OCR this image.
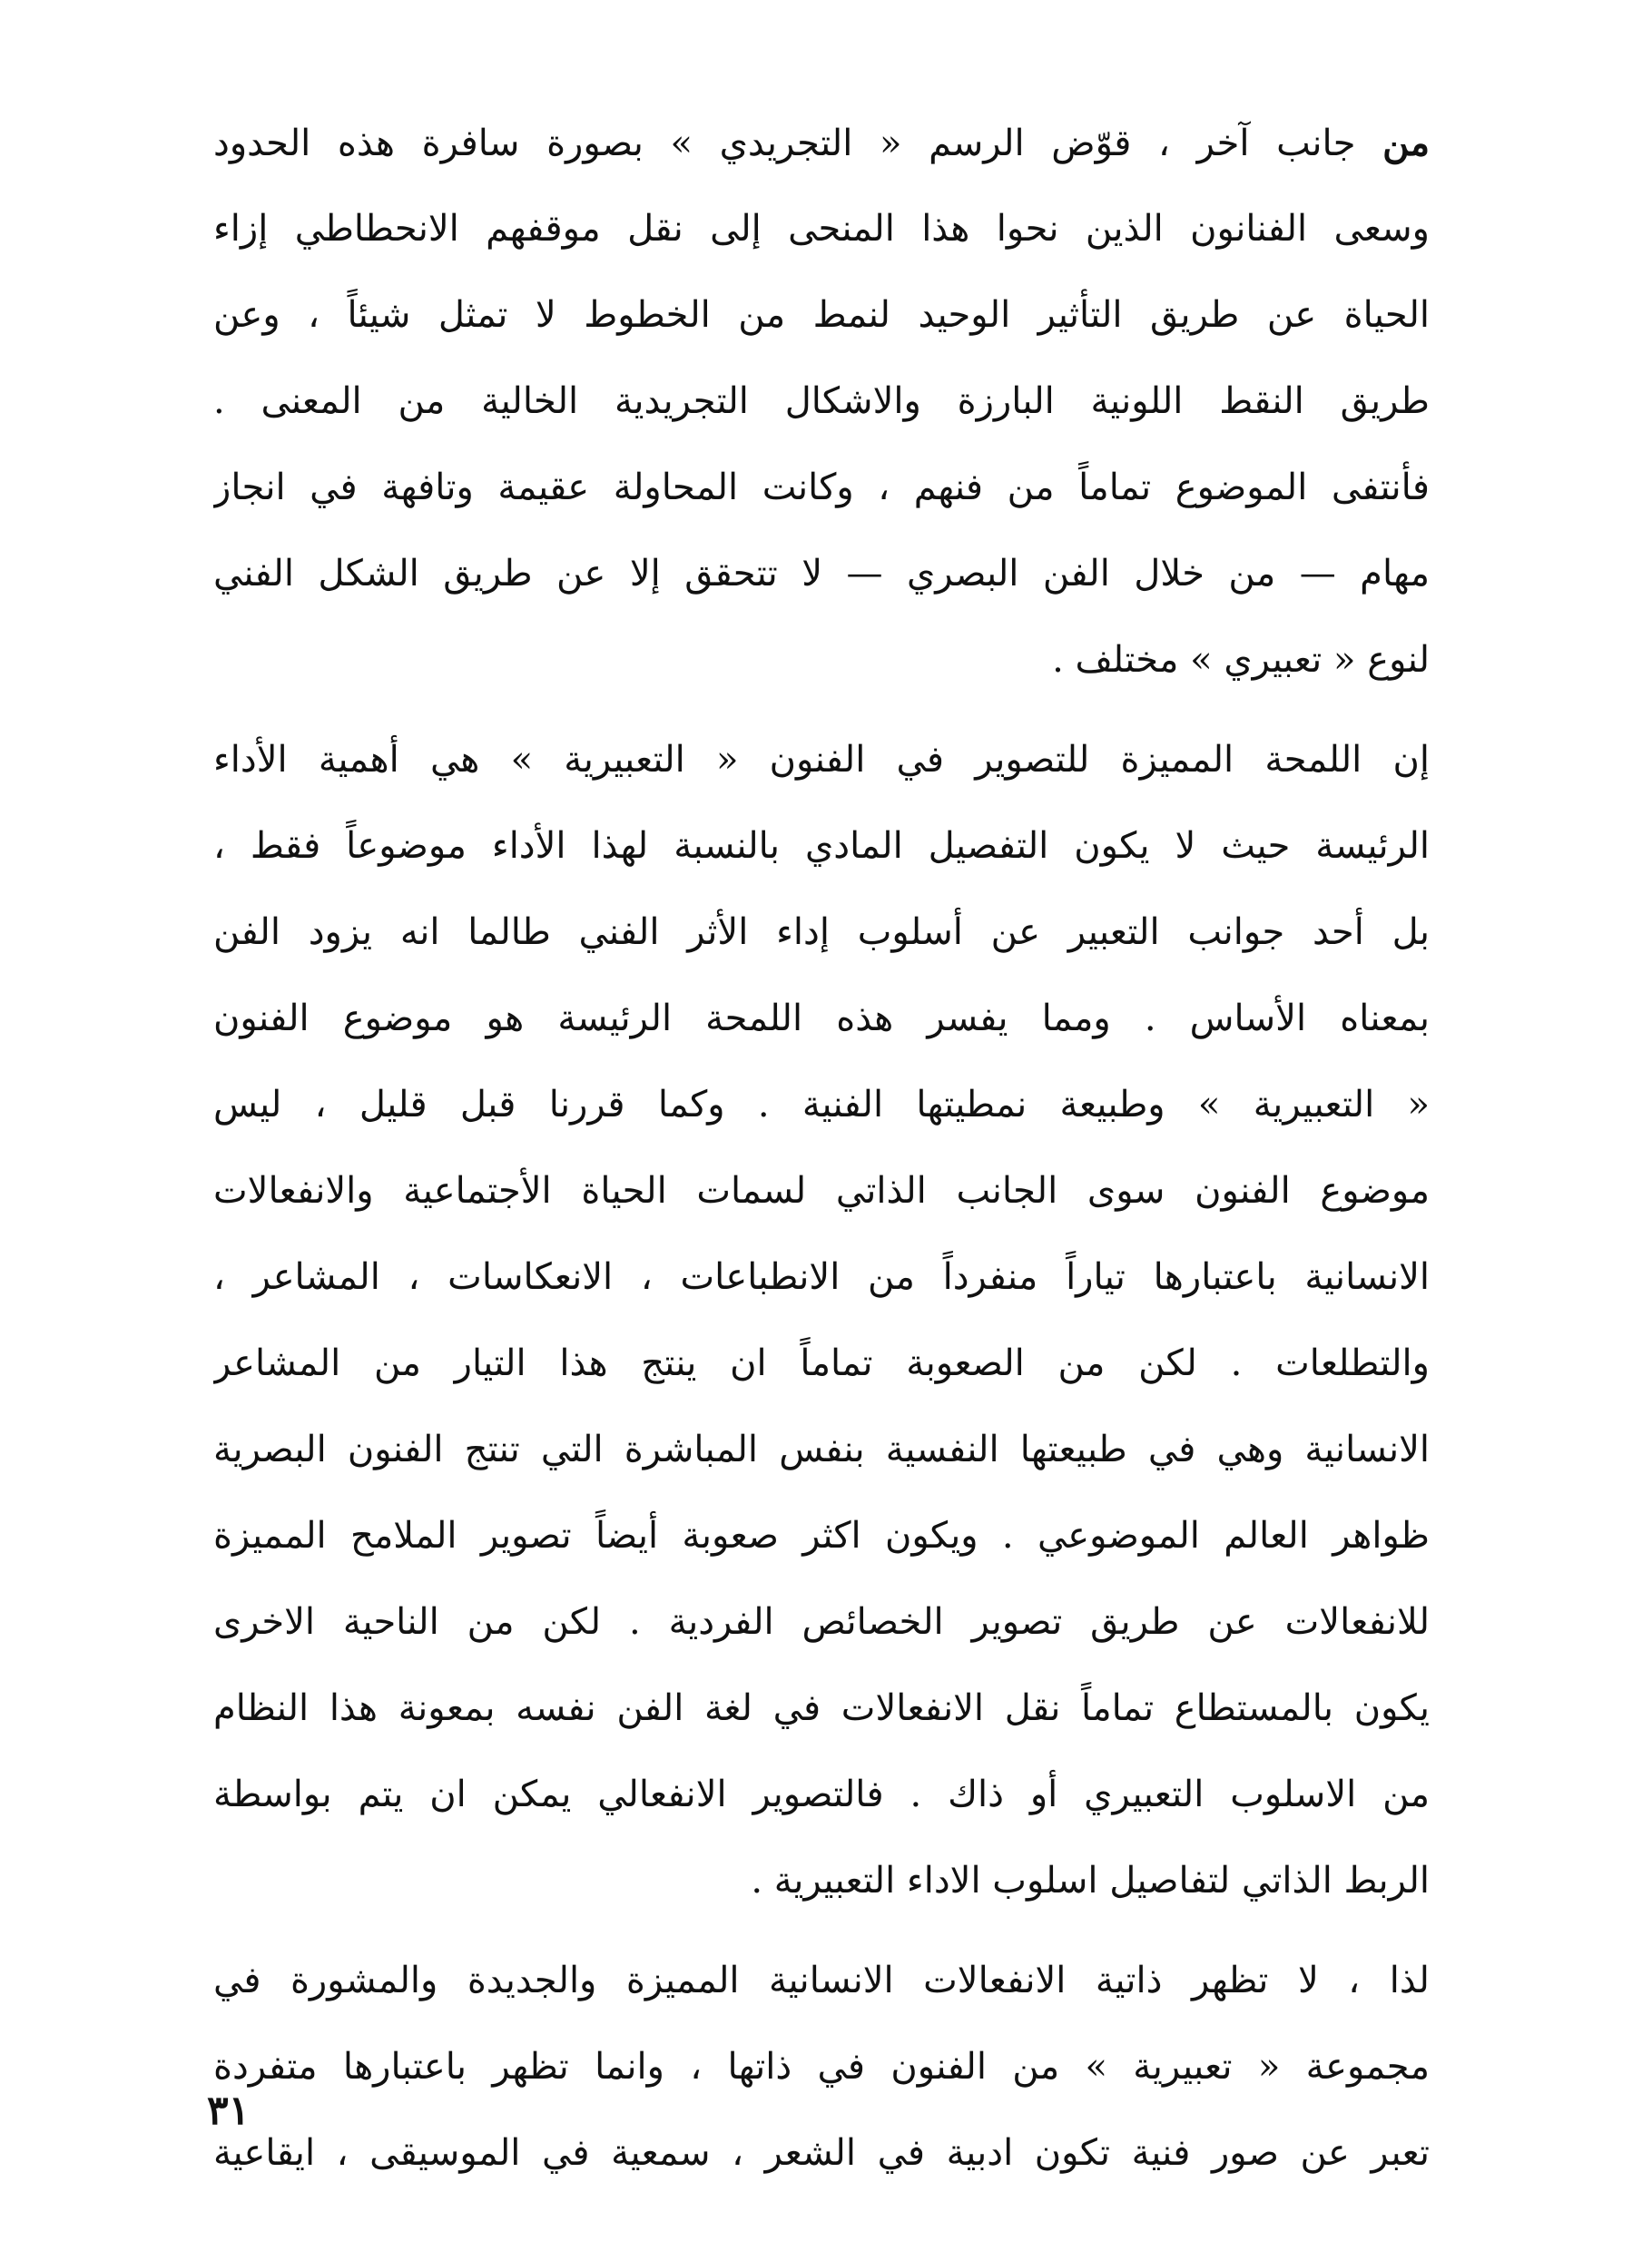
من جانب آخر ، قوّض الرسم « التجريدي » بصورة سافرة هذه الحدود
وسعى الفنانون الذين نحوا هذا المنحى إلى نقل موقفهم الانحطاطي إزاء
الحياة عن طريق التأثير الوحيد لنمط من الخطوط لا تمثل شيئاً ، وعن
طريق النقط اللونية البارزة والاشكال التجريدية الخالية من المعنى .
فأنتفى الموضوع تماماً من فنهم ، وكانت المحاولة عقيمة وتافهة في انجاز
مهام — من خلال الفن البصري — لا تتحقق إلا عن طريق الشكل الفني
لنوع « تعبيري » مختلف .
إن اللمحة المميزة للتصوير في الفنون « التعبيرية » هي أهمية الأداء
الرئيسة حيث لا يكون التفصيل المادي بالنسبة لهذا الأداء موضوعاً فقط ،
بل أحد جوانب التعبير عن أسلوب إداء الأثر الفني طالما انه يزود الفن
بمعناه الأساس . ومما يفسر هذه اللمحة الرئيسة هو موضوع الفنون
« التعبيرية » وطبيعة نمطيتها الفنية . وكما قررنا قبل قليل ، ليس
موضوع الفنون سوى الجانب الذاتي لسمات الحياة الأجتماعية والانفعالات
الانسانية باعتبارها تياراً منفرداً من الانطباعات ، الانعكاسات ، المشاعر ،
والتطلعات . لكن من الصعوبة تماماً ان ينتج هذا التيار من المشاعر
الانسانية وهي في طبيعتها النفسية بنفس المباشرة التي تنتج الفنون البصرية
ظواهر العالم الموضوعي . ويكون اكثر صعوبة أيضاً تصوير الملامح المميزة
للانفعالات عن طريق تصوير الخصائص الفردية . لكن من الناحية الاخرى
يكون بالمستطاع تماماً نقل الانفعالات في لغة الفن نفسه بمعونة هذا النظام
من الاسلوب التعبيري أو ذاك . فالتصوير الانفعالي يمكن ان يتم بواسطة
الربط الذاتي لتفاصيل اسلوب الاداء التعبيرية .
لذا ، لا تظهر ذاتية الانفعالات الانسانية المميزة والجديدة والمشورة في
مجموعة « تعبيرية » من الفنون في ذاتها ، وانما تظهر باعتبارها متفردة
تعبر عن صور فنية تكون ادبية في الشعر ، سمعية في الموسيقى ، ايقاعية
٣١
